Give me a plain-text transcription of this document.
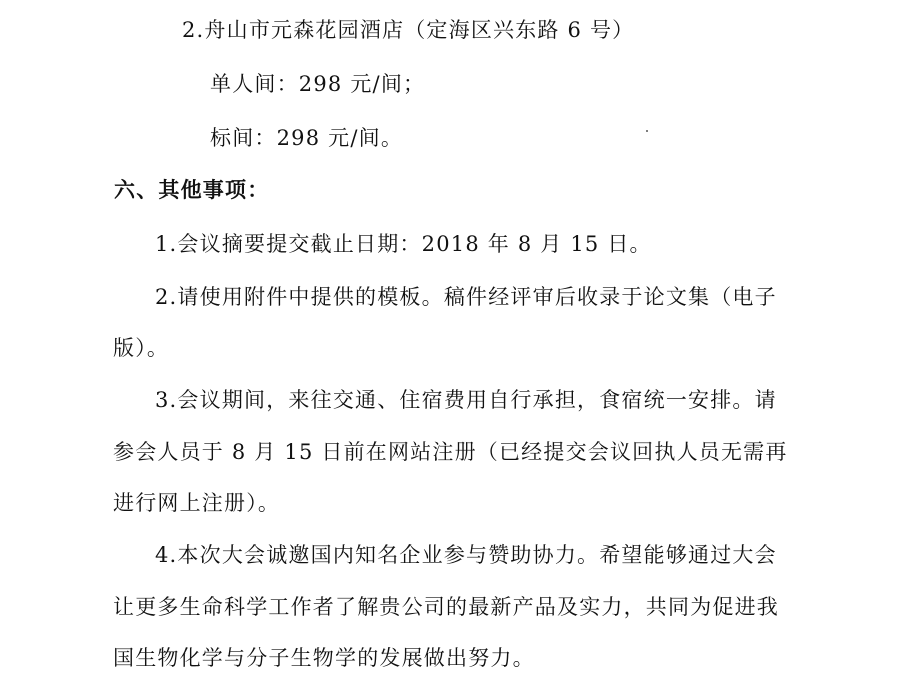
2.舟山市元森花园酒店（定海区兴东路 6 号）
单人间：298 元/间；
标间：298 元/间。
六、其他事项：
1.会议摘要提交截止日期：2018 年 8 月 15 日。
2.请使用附件中提供的模板。稿件经评审后收录于论文集（电子
版）。
3.会议期间，来往交通、住宿费用自行承担，食宿统一安排。请
参会人员于 8 月 15 日前在网站注册（已经提交会议回执人员无需再
进行网上注册）。
4.本次大会诚邀国内知名企业参与赞助协力。希望能够通过大会
让更多生命科学工作者了解贵公司的最新产品及实力，共同为促进我
国生物化学与分子生物学的发展做出努力。
